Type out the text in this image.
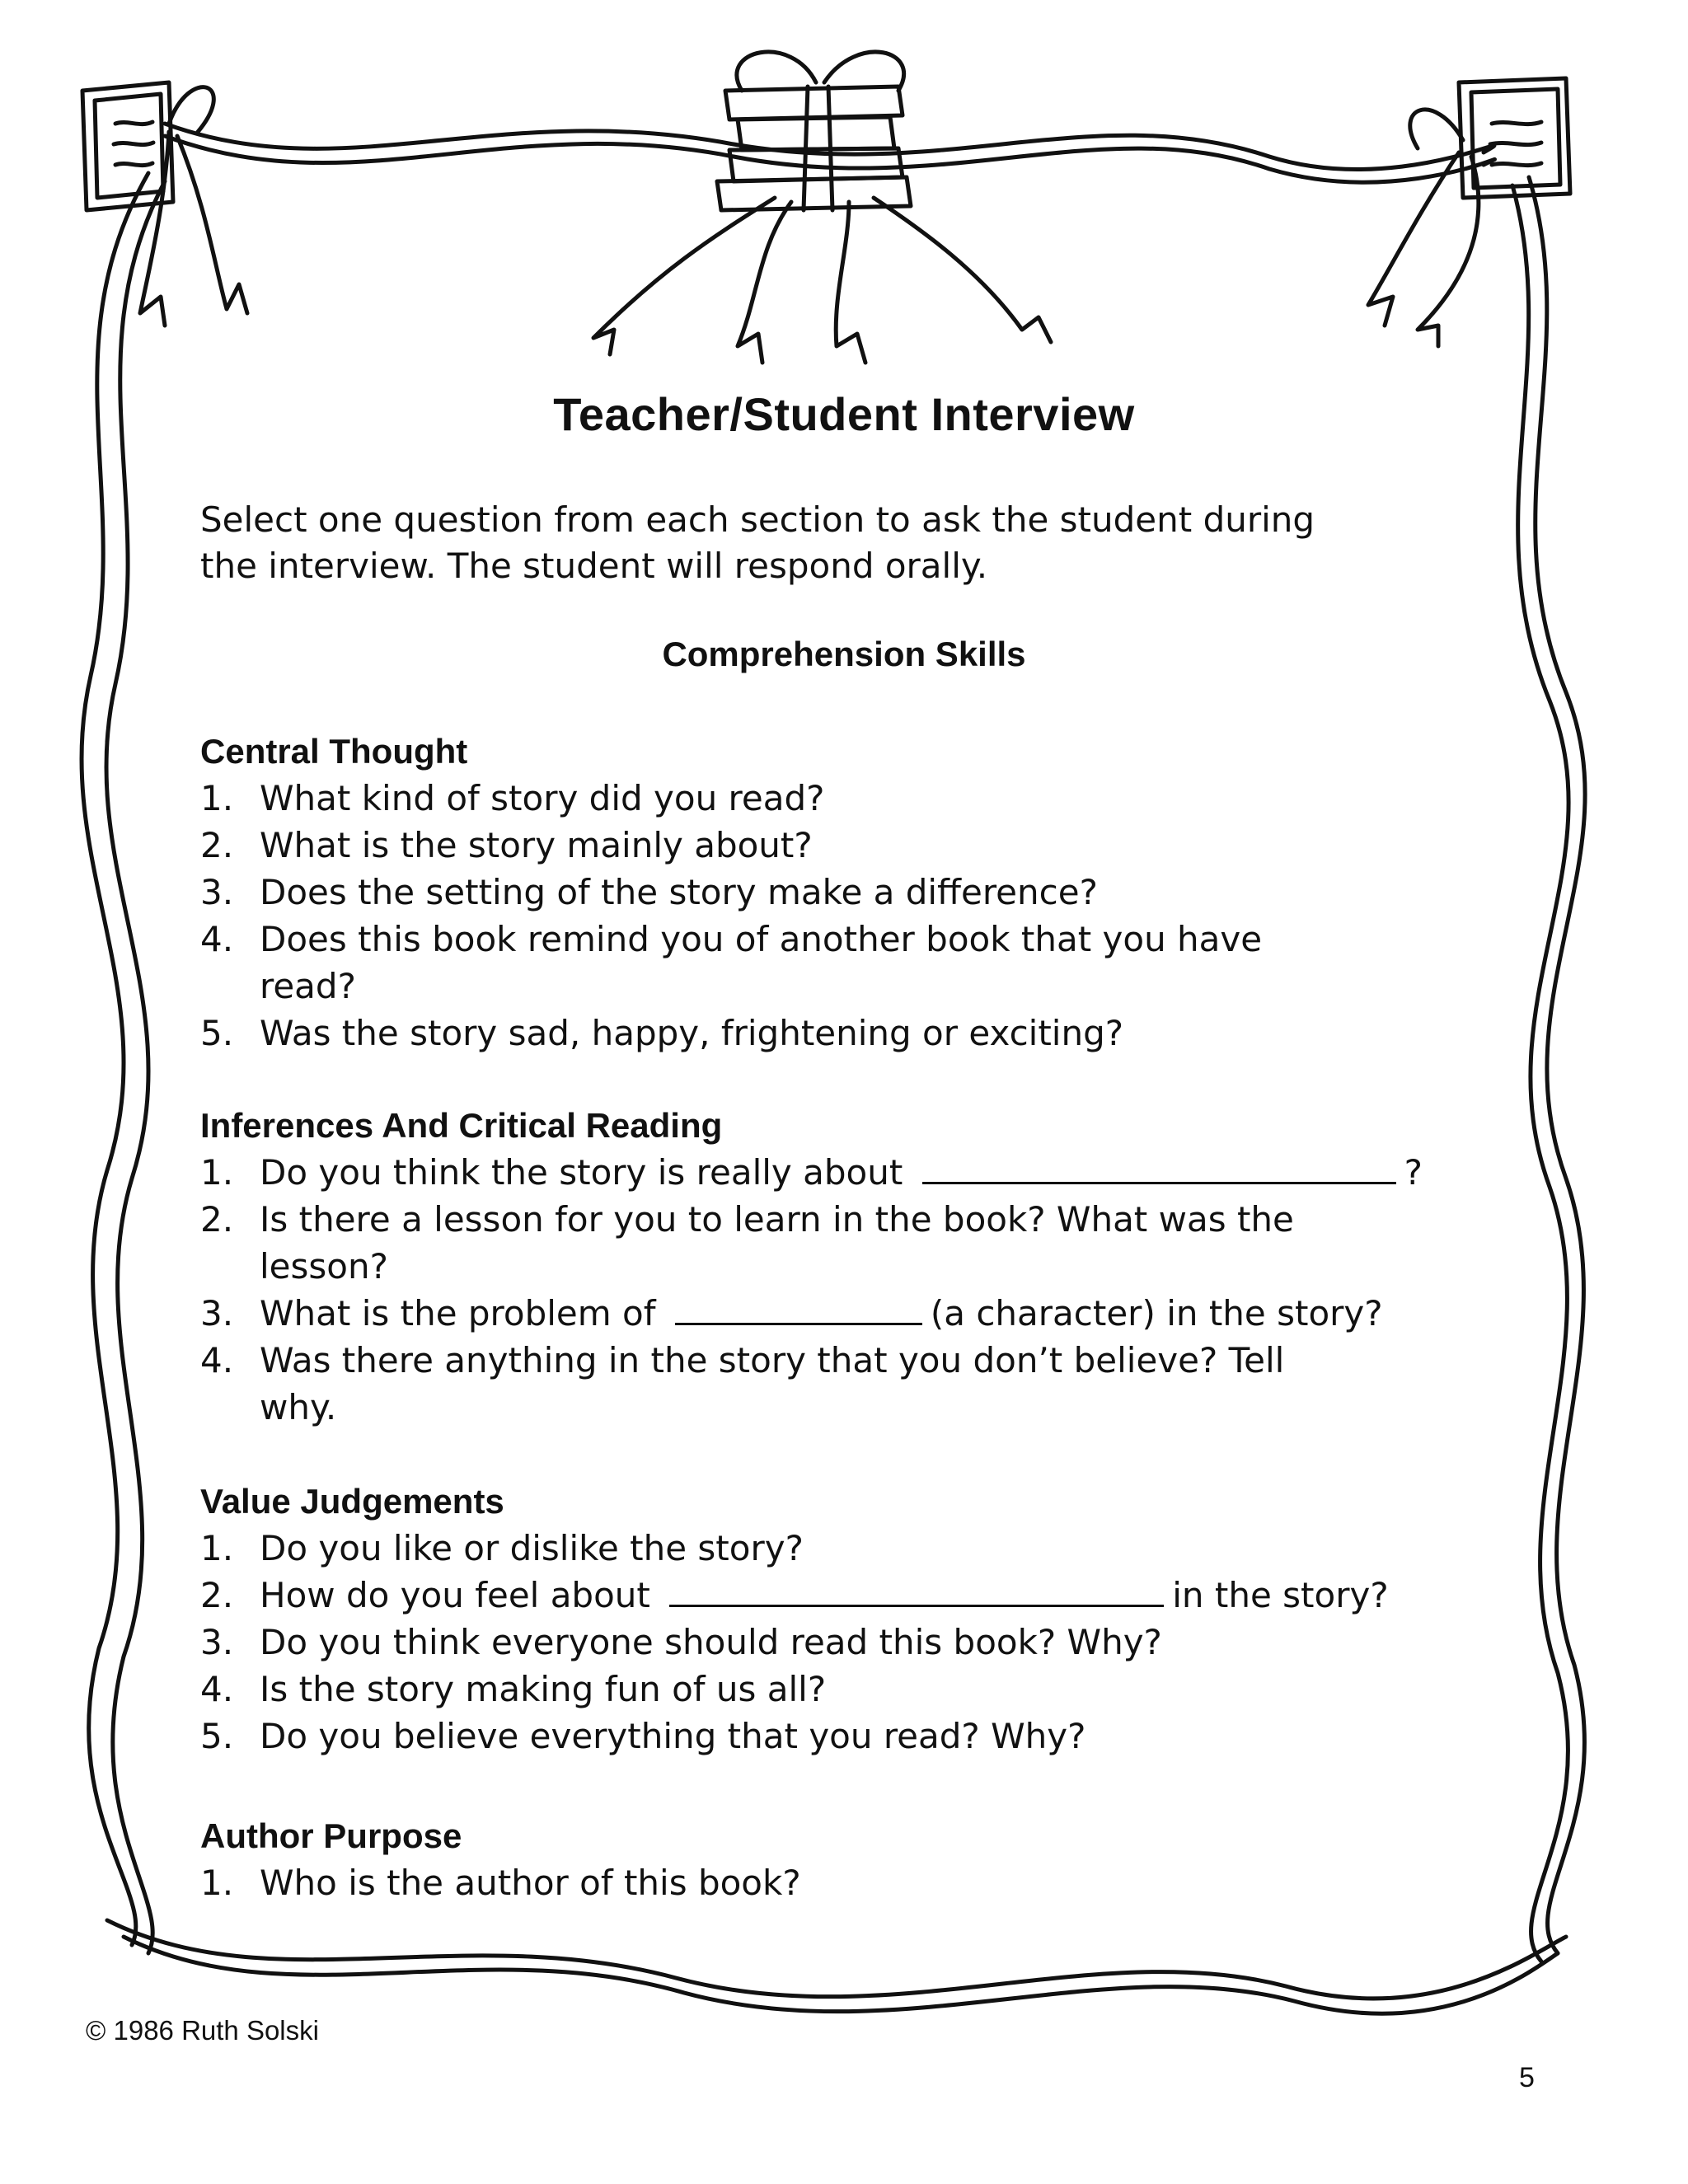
Teacher/Student Interview
Select one question from each section to ask the student during
the interview. The student will respond orally.
Comprehension Skills
Central Thought
1. What kind of story did you read?
2. What is the story mainly about?
3. Does the setting of the story make a difference?
4. Does this book remind you of another book that you have
read?
5. Was the story sad, happy, frightening or exciting?
Inferences And Critical Reading
1. Do you think the story is really about	?
2. Is there a lesson for you to learn in the book? What was the
lesson?
3. What is the problem of	(a character) in the story?
4. Was there anything in the story that you don’t believe? Tell
why.
Value Judgements
1. Do you like or dislike the story?
2. How do you feel about	in the story?
3. Do you think everyone should read this book? Why?
4. Is the story making fun of us all?
5. Do you believe everything that you read? Why?
Author Purpose
1. Who is the author of this book?
© 1986 Ruth Solski
5
